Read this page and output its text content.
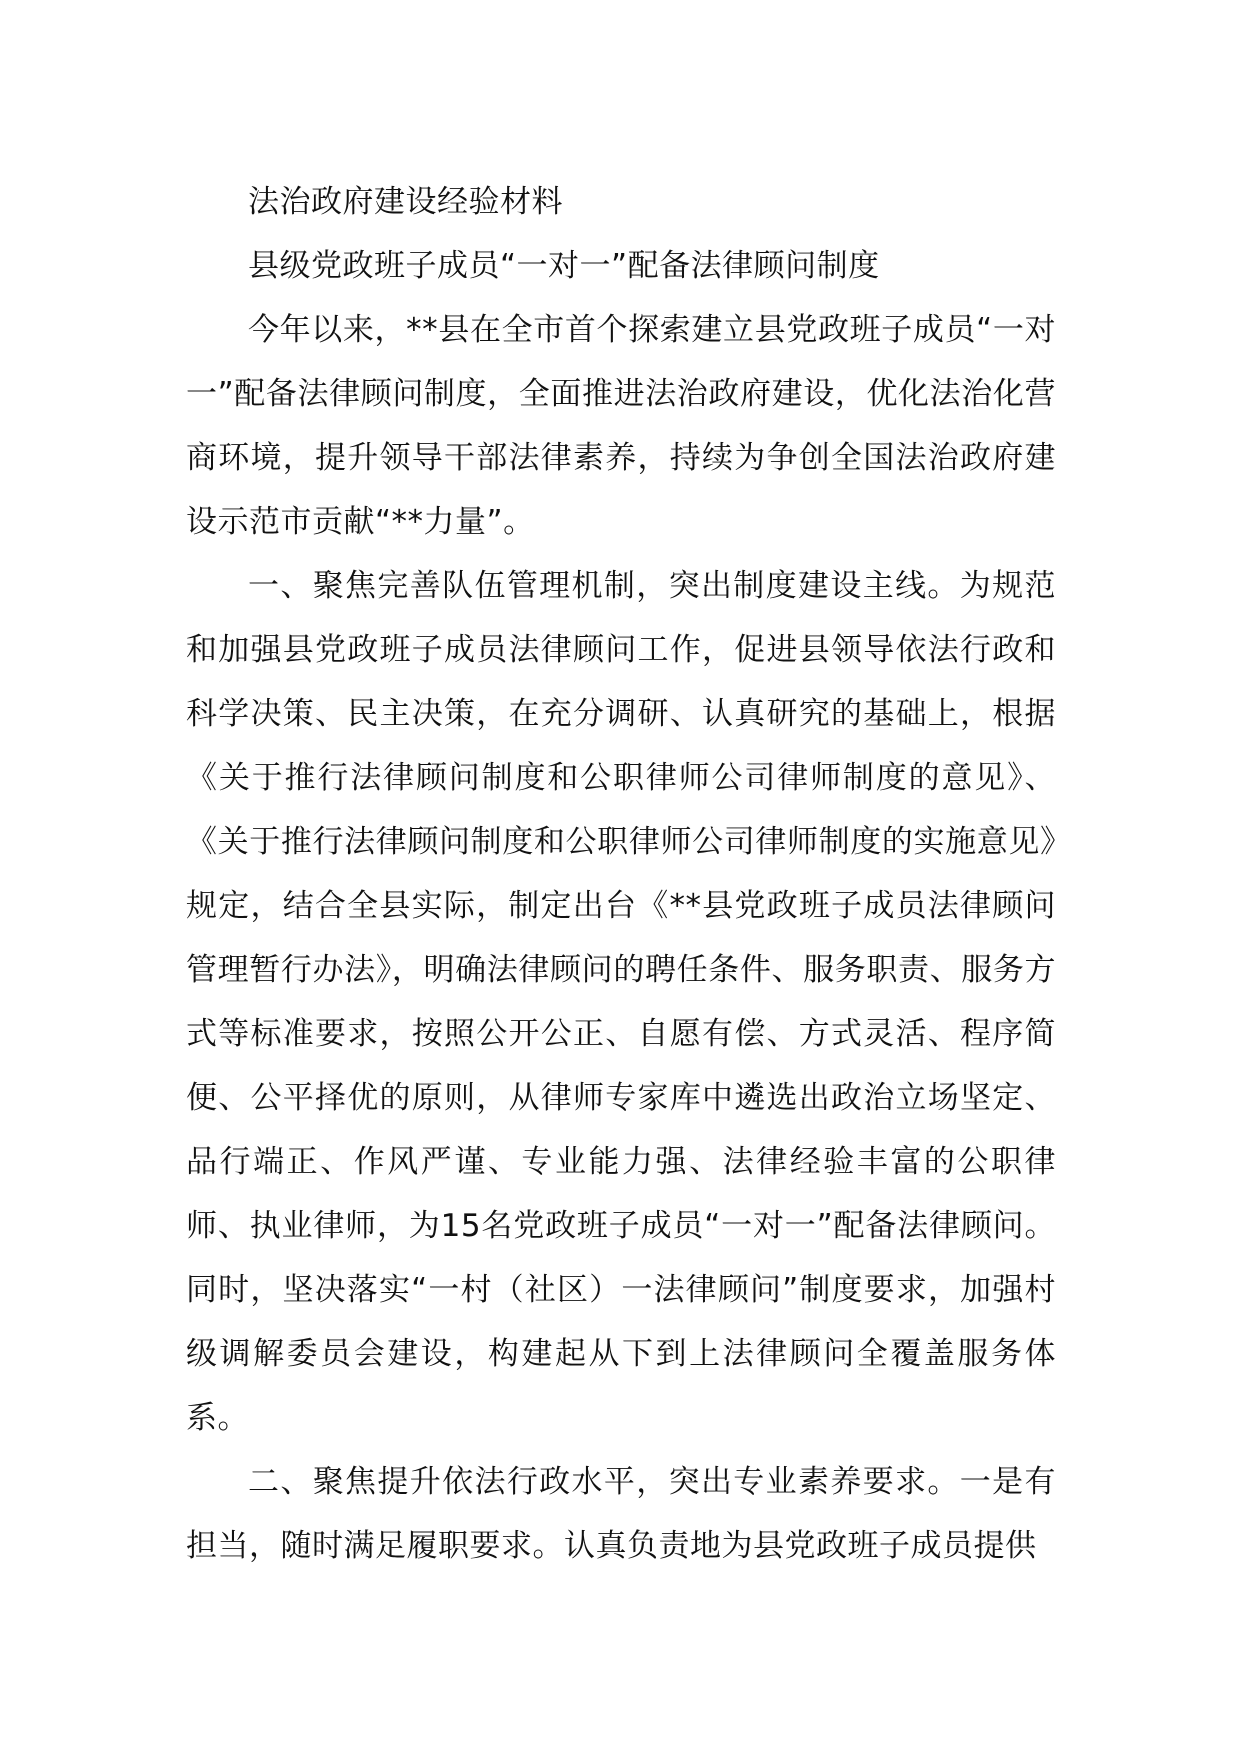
法治政府建设经验材料
县级党政班子成员“一对一”配备法律顾问制度

今年以来，**县在全市首个探索建立县党政班子成员“一对一”配备法律顾问制度，全面推进法治政府建设，优化法治化营商环境，提升领导干部法律素养，持续为争创全国法治政府建设示范市贡献“**力量”。

一、聚焦完善队伍管理机制，突出制度建设主线。为规范和加强县党政班子成员法律顾问工作，促进县领导依法行政和科学决策、民主决策，在充分调研、认真研究的基础上，根据《关于推行法律顾问制度和公职律师公司律师制度的意见》、《关于推行法律顾问制度和公职律师公司律师制度的实施意见》规定，结合全县实际，制定出台《**县党政班子成员法律顾问管理暂行办法》，明确法律顾问的聘任条件、服务职责、服务方式等标准要求，按照公开公正、自愿有偿、方式灵活、程序简便、公平择优的原则，从律师专家库中遴选出政治立场坚定、品行端正、作风严谨、专业能力强、法律经验丰富的公职律师、执业律师，为15名党政班子成员“一对一”配备法律顾问。同时，坚决落实“一村（社区）一法律顾问”制度要求，加强村级调解委员会建设，构建起从下到上法律顾问全覆盖服务体系。

二、聚焦提升依法行政水平，突出专业素养要求。一是有担当，随时满足履职要求。认真负责地为县党政班子成员提供
